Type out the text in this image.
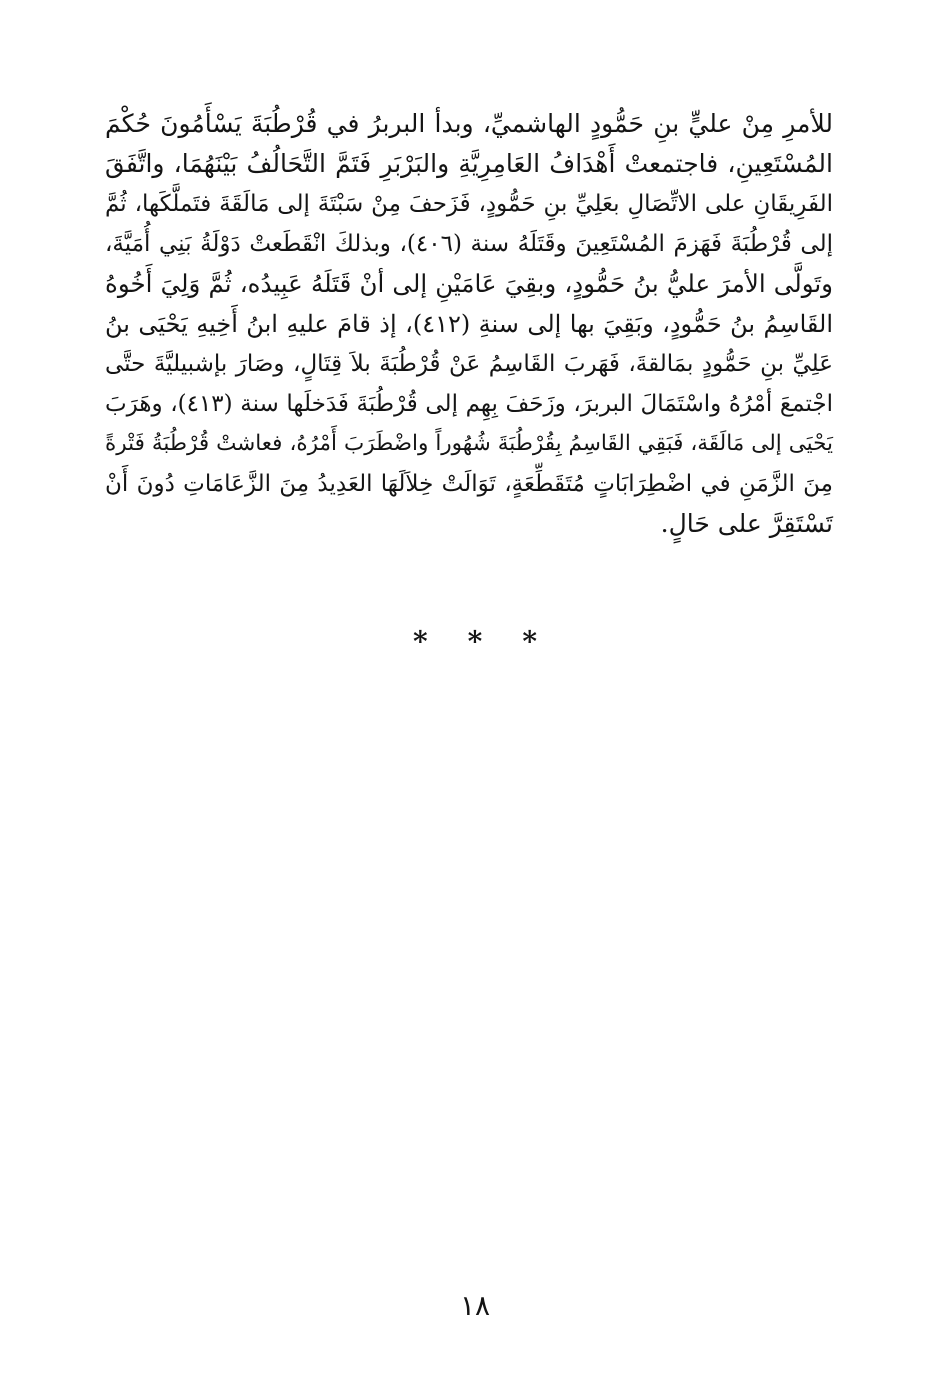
للأمرِ مِنْ عليٍّ بنِ حَمُّودٍ الهاشميِّ، وبدأ البربرُ في قُرْطُبَةَ يَسْأَمُونَ حُكْمَ
المُسْتَعِينِ، فاجتمعتْ أَهْدَافُ العَامِرِيَّةِ والبَرْبَرِ فَتَمَّ التَّحَالُفُ بَيْنَهُمَا، واتَّفَقَ
الفَرِيقَانِ على الاتِّصَالِ بعَلِيِّ بنِ حَمُّودٍ، فَزَحفَ مِنْ سَبْتَةَ إلى مَالَقَةَ فتَملَّكَها، ثُمَّ
إلى قُرْطُبَةَ فَهَزمَ المُسْتَعِينَ وقَتَلَهُ سنة (٤٠٦)، وبذلكَ انْقَطَعتْ دَوْلَةُ بَنِي أُمَيَّةَ،
وتَولَّى الأمرَ عليُّ بنُ حَمُّودٍ، وبقِيَ عَامَيْنِ إلى أنْ قَتَلَهُ عَبِيدُه، ثُمَّ وَلِيَ أَخُوهُ
القَاسِمُ بنُ حَمُّودٍ، وبَقِيَ بها إلى سنةِ (٤١٢)، إذ قامَ عليهِ ابنُ أَخِيهِ يَحْيَى بنُ
عَلِيِّ بنِ حَمُّودٍ بمَالقةَ، فَهَربَ القَاسِمُ عَنْ قُرْطُبَةَ بلاَ قِتَالٍ، وصَارَ بإشبيليَّةَ حتَّى
اجْتمعَ أمْرُهُ واسْتَمَالَ البربرَ، وزَحَفَ بِهِم إلى قُرْطُبَةَ فَدَخلَها سنة (٤١٣)، وهَرَبَ
يَحْيَى إلى مَالَقَة، فَبَقِي القَاسِمُ بِقُرْطُبَةَ شُهُوراً واضْطَرَبَ أَمْرُهُ، فعاشتْ قُرْطُبَةُ فَتْرةً
مِنَ الزَّمَنِ في اضْطِرَابَاتٍ مُتَقَطِّعَةٍ، تَوَالَتْ خِلاَلَهَا العَدِيدُ مِنَ الزَّعَامَاتِ دُونَ أَنْ
تَسْتَقِرَّ على حَالٍ.
* * *
١٨
